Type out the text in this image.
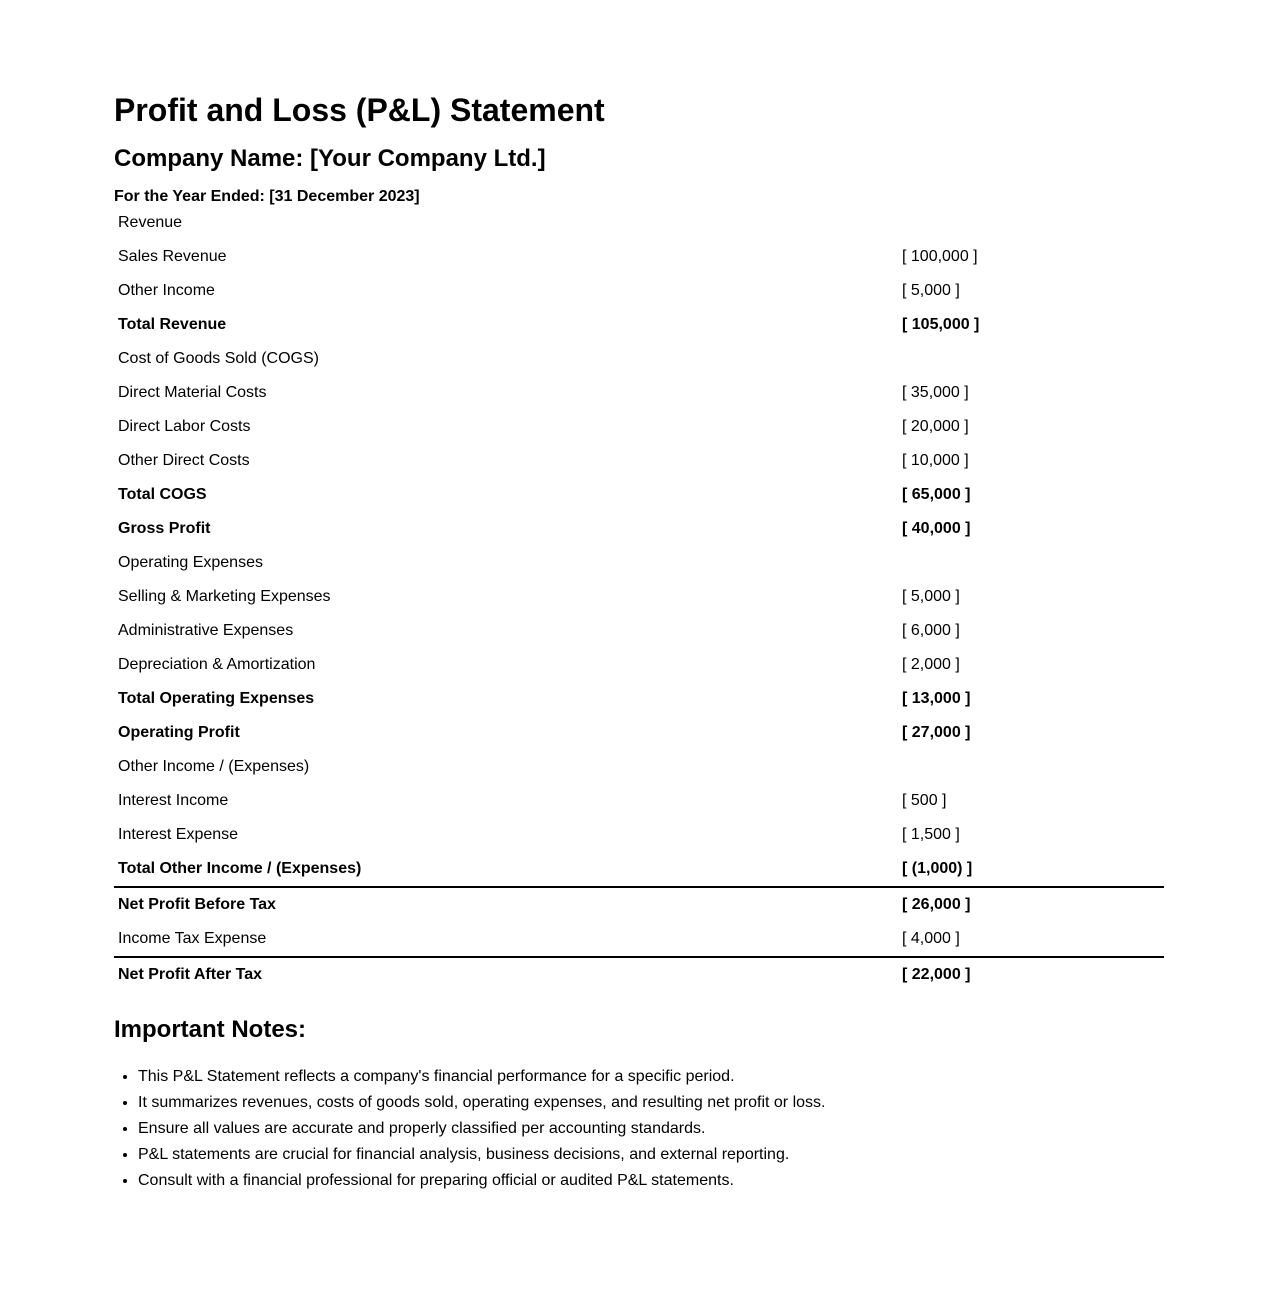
Profit and Loss (P&L) Statement
Company Name: [Your Company Ltd.]

For the Year Ended: [31 December 2023]

Revenue
Sales Revenue	[ 100,000 ]
Other Income	[ 5,000 ]
Total Revenue	[ 105,000 ]
Cost of Goods Sold (COGS)
Direct Material Costs	[ 35,000 ]
Direct Labor Costs	[ 20,000 ]
Other Direct Costs	[ 10,000 ]
Total COGS	[ 65,000 ]
Gross Profit	[ 40,000 ]
Operating Expenses
Selling & Marketing Expenses	[ 5,000 ]
Administrative Expenses	[ 6,000 ]
Depreciation & Amortization	[ 2,000 ]
Total Operating Expenses	[ 13,000 ]
Operating Profit	[ 27,000 ]
Other Income / (Expenses)
Interest Income	[ 500 ]
Interest Expense	[ 1,500 ]
Total Other Income / (Expenses)	[ (1,000) ]
Net Profit Before Tax	[ 26,000 ]
Income Tax Expense	[ 4,000 ]
Net Profit After Tax	[ 22,000 ]
Important Notes:
• This P&L Statement reflects a company's financial performance for a specific period.
• It summarizes revenues, costs of goods sold, operating expenses, and resulting net profit or loss.
• Ensure all values are accurate and properly classified per accounting standards.
• P&L statements are crucial for financial analysis, business decisions, and external reporting.
• Consult with a financial professional for preparing official or audited P&L statements.
